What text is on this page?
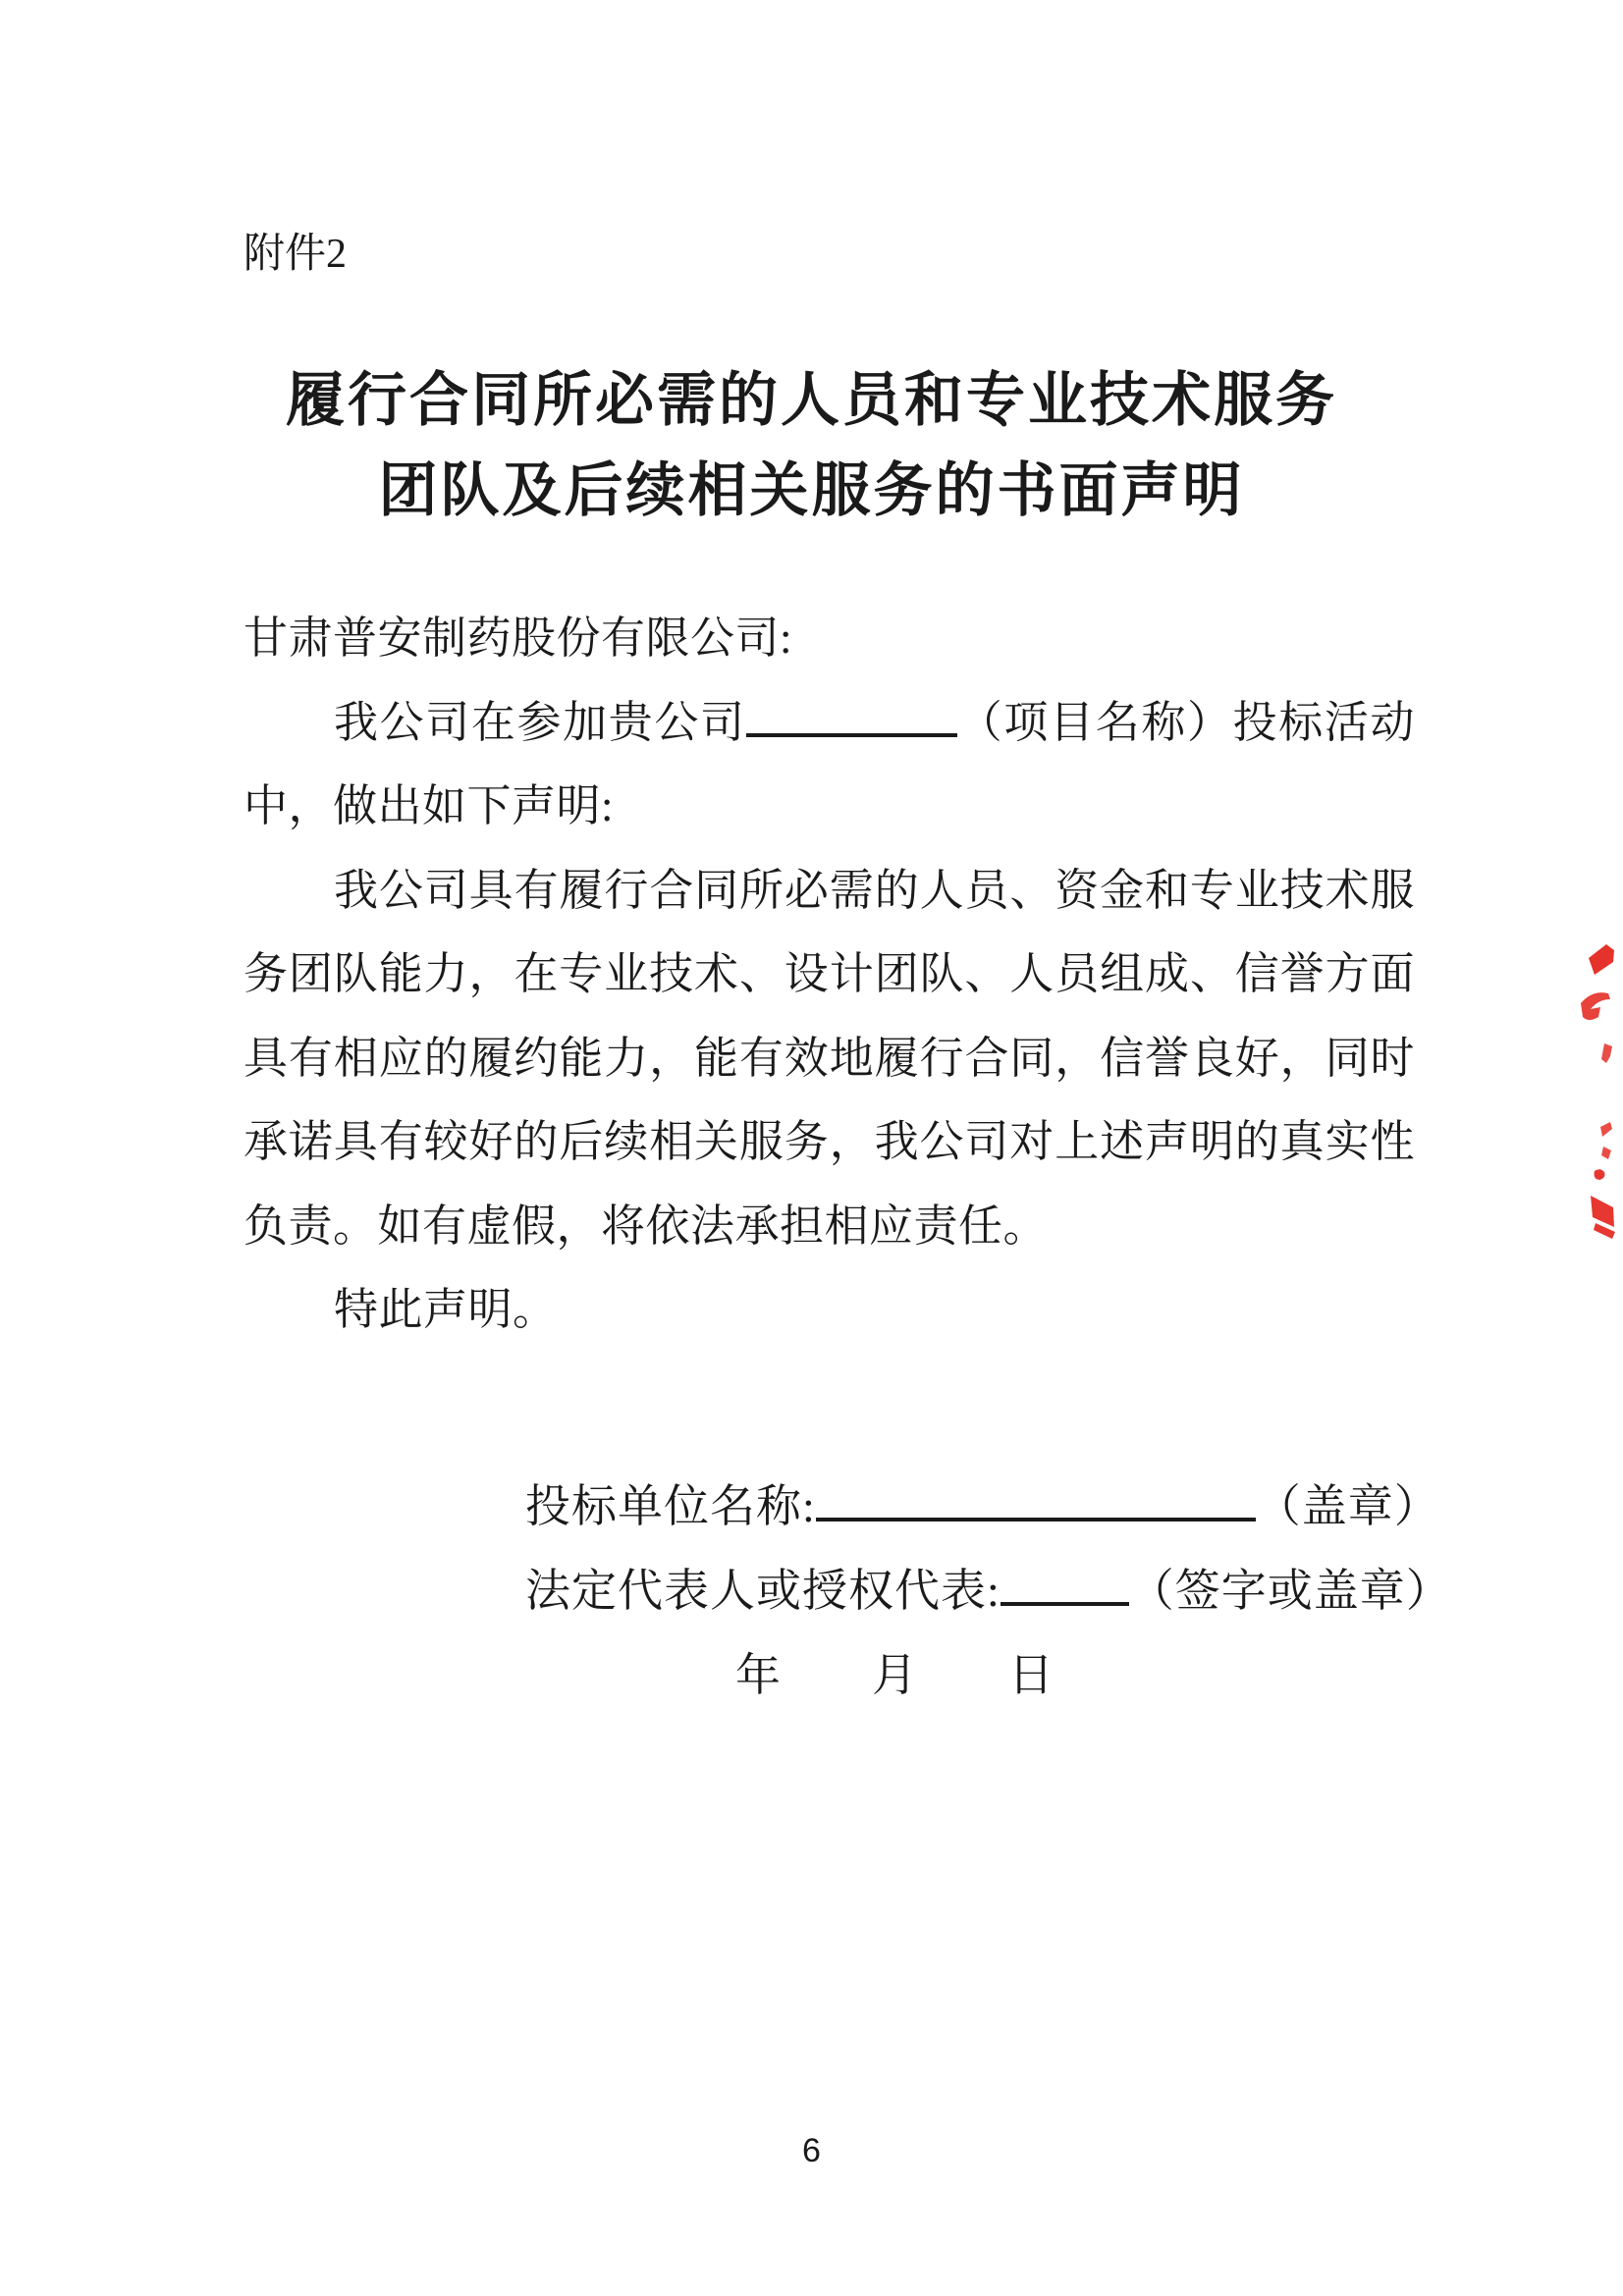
附件2
履行合同所必需的人员和专业技术服务
团队及后续相关服务的书面声明

甘肃普安制药股份有限公司:

我公司在参加贵公司	（项目名称）投标活动中，做出如下声明:

我公司具有履行合同所必需的人员、资金和专业技术服务团队能力，在专业技术、设计团队、人员组成、信誉方面具有相应的履约能力，能有效地履行合同，信誉良好，同时承诺具有较好的后续相关服务，我公司对上述声明的真实性负责。如有虚假，将依法承担相应责任。

特此声明。

投标单位名称:	（盖章）
法定代表人或授权代表:	（签字或盖章）
年 月 日
6
